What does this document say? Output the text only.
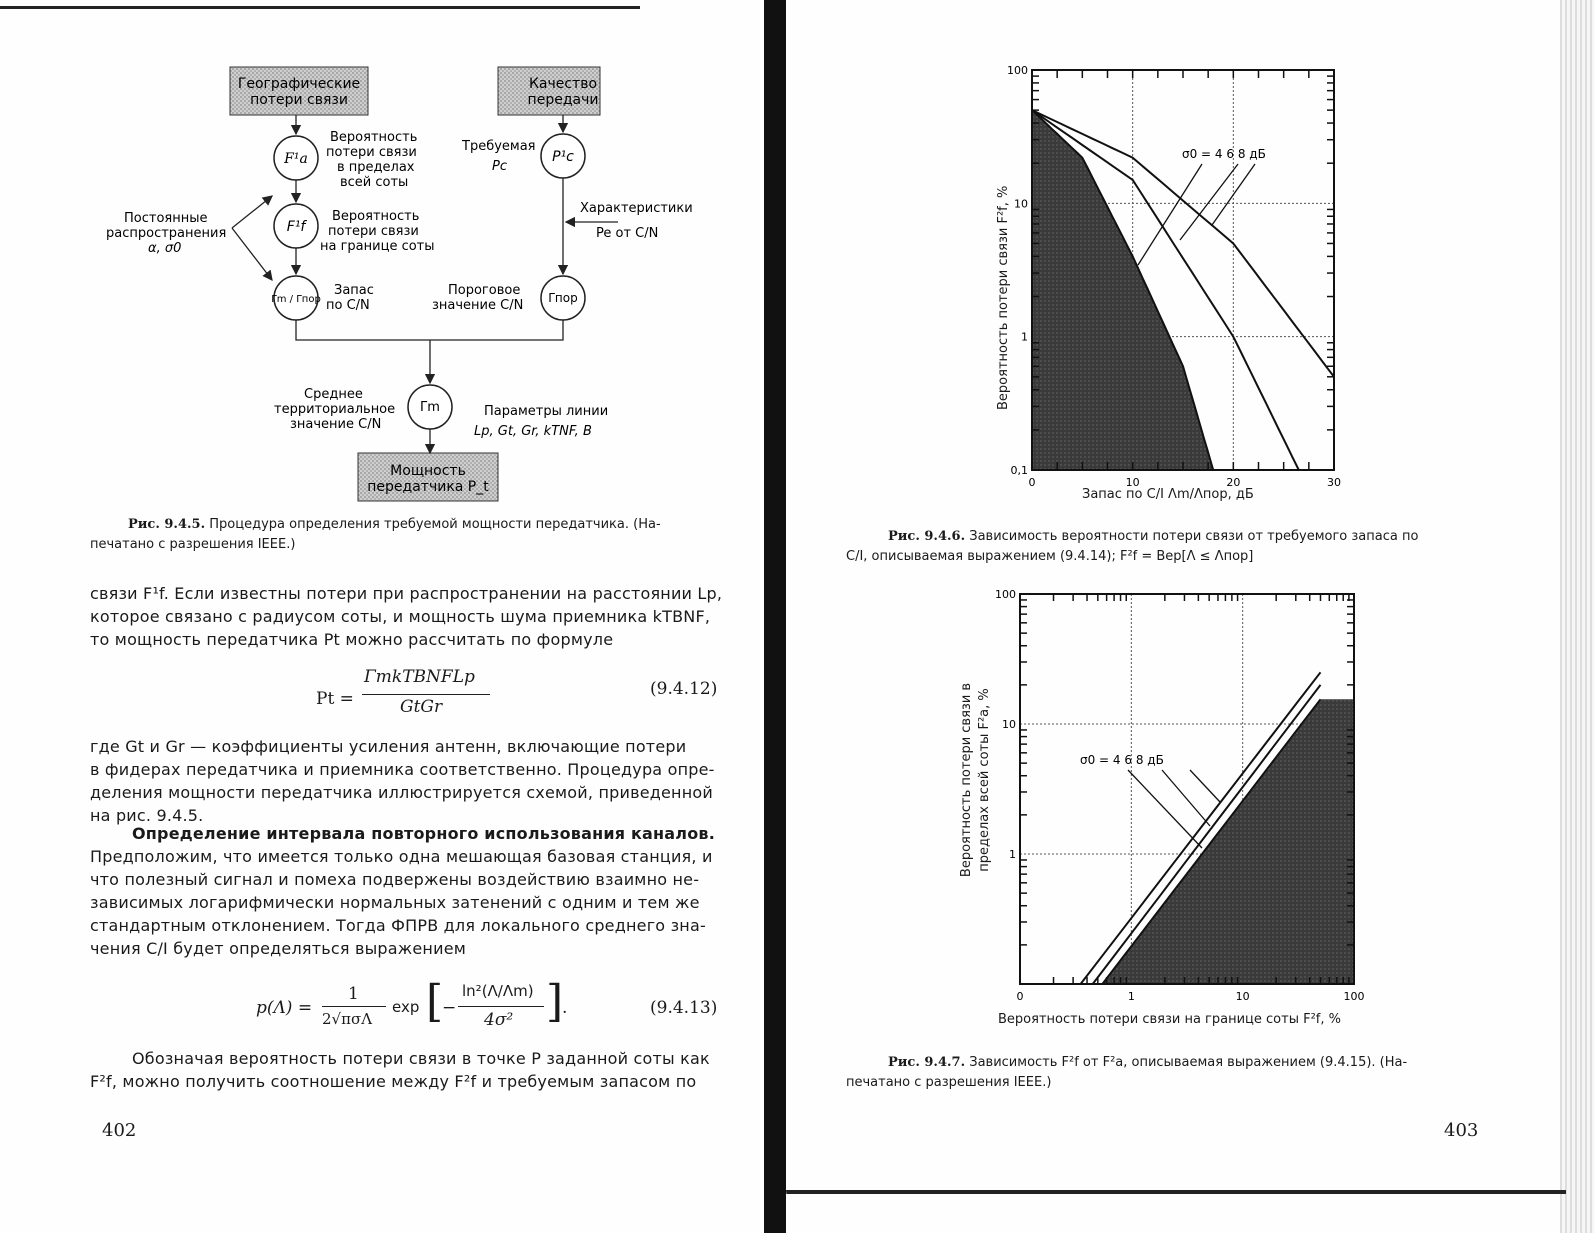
Географические
потери связи
Качество
передачи
Мощность
передатчика P_t
F¹a
F¹f
Γm / Γпор
P¹c
Γпор
Γm
Вероятность
потери связи
в пределах
всей соты
Вероятность
потери связи
на границе соты
Постоянные
распространения
α, σ0
Требуемая
Pc
Характеристики
Pe от C/N
Запас
по C/N
Пороговое
значение C/N
Среднее
территориальное
значение C/N
Параметры линии
Lp, Gt, Gr, kTNF, B
Рис. 9.4.5. Процедура определения требуемой мощности передатчика. (На-
печатано с разрешения IEEE.)
связи F¹f. Если известны потери при распространении на расстоянии Lp,
которое связано с радиусом соты, и мощность шума приемника kTBNF,
то мощность передатчика Pt можно рассчитать по формуле
Pt =
ΓmkTBNFLp
GtGr
(9.4.12)
где Gt и Gr — коэффициенты усиления антенн, включающие потери
в фидерах передатчика и приемника соответственно. Процедура опре-
деления мощности передатчика иллюстрируется схемой, приведенной
на рис. 9.4.5.
Определение интервала повторного использования каналов.
Предположим, что имеется только одна мешающая базовая станция, и
что полезный сигнал и помеха подвержены воздействию взаимно не-
зависимых логарифмически нормальных затенений с одним и тем же
стандартным отклонением. Тогда ФПРВ для локального среднего зна-
чения C/I будет определяться выражением
p(Λ) =
1
2√πσΛ
exp [
−
ln²(Λ/Λm)
4σ² ]
.	(9.4.13)
Обозначая вероятность потери связи в точке P заданной соты как
F²f, можно получить соотношение между F²f и требуемым запасом по
402
0,1
1
10
100
0	10	20	30
σ0 = 4 6 8 дБ
Запас по C/I Λm/Λпор, дБ
Вероятность потери связи F²f, %
Рис. 9.4.6. Зависимость вероятности потери связи от требуемого запаса по
C/I, описываемая выражением (9.4.14); F²f = Вер[Λ ≤ Λпор]
1
10
100
0	1	10	100
σ0 = 4 6 8 дБ
Вероятность потери связи на границе соты F²f, %
Вероятность потери связи в пределах всей соты F²a, %
Рис. 9.4.7. Зависимость F²f от F²a, описываемая выражением (9.4.15). (На-
печатано с разрешения IEEE.)
403
